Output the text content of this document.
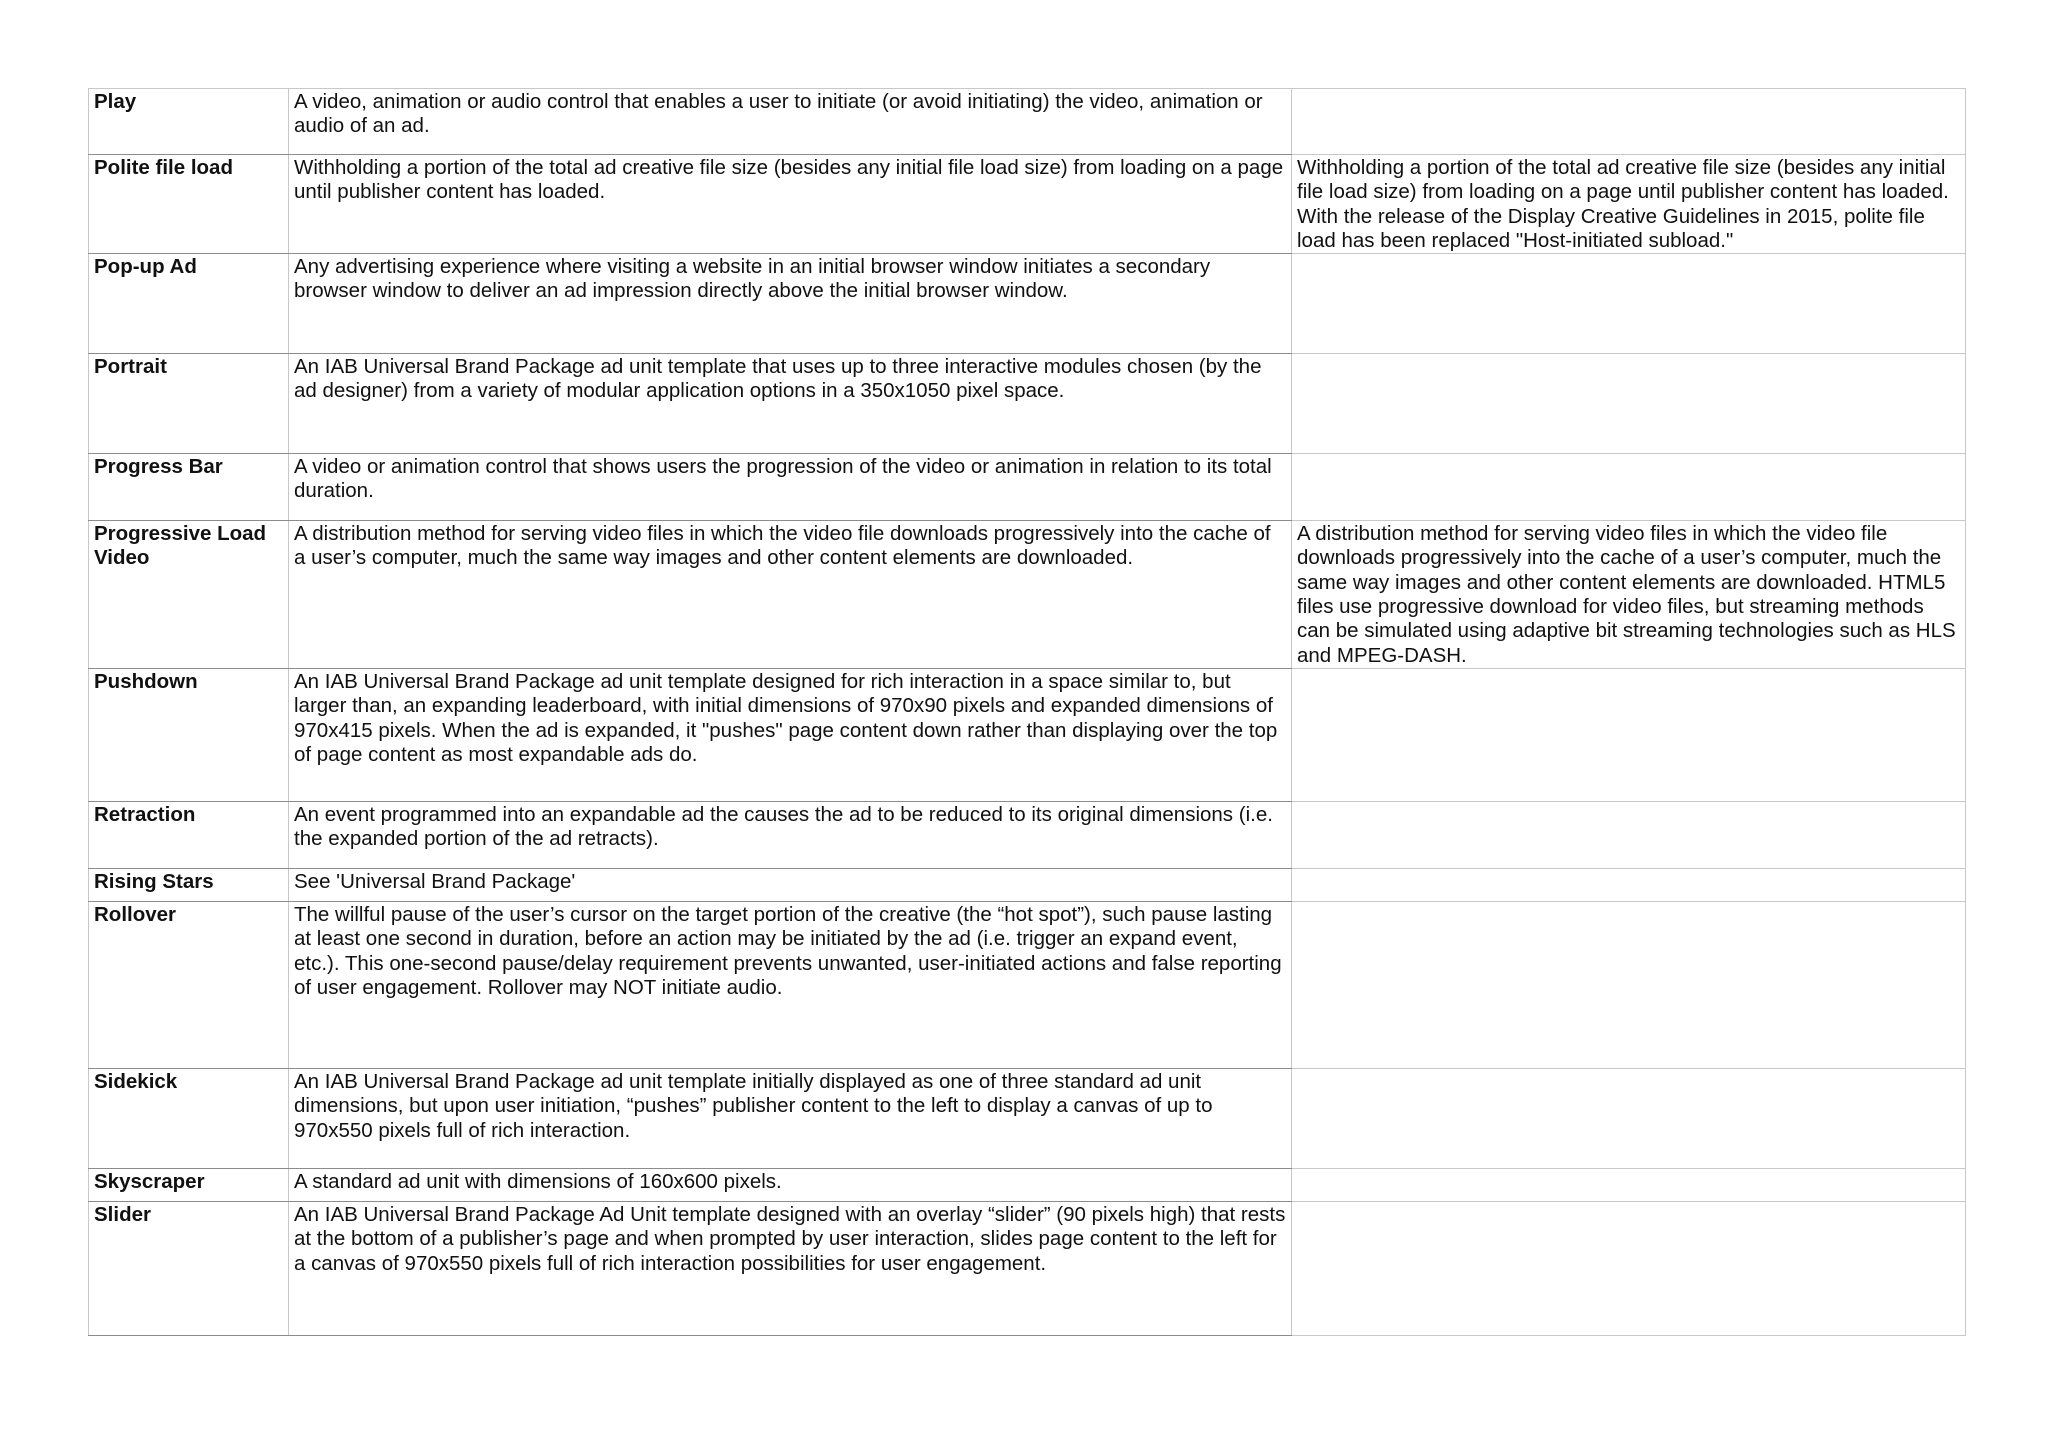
Play	A video, animation or audio control that enables a user to initiate (or avoid initiating) the video, animation or audio of an ad.	
Polite file load	Withholding a portion of the total ad creative file size (besides any initial file load size) from loading on a page until publisher content has loaded.	Withholding a portion of the total ad creative file size (besides any initial file load size) from loading on a page until publisher content has loaded. With the release of the Display Creative Guidelines in 2015, polite file load has been replaced "Host-initiated subload."
Pop-up Ad	Any advertising experience where visiting a website in an initial browser window initiates a secondary browser window to deliver an ad impression directly above the initial browser window.	
Portrait	An IAB Universal Brand Package ad unit template that uses up to three interactive modules chosen (by the ad designer) from a variety of modular application options in a 350x1050 pixel space.	
Progress Bar	A video or animation control that shows users the progression of the video or animation in relation to its total duration.	
Progressive Load Video	A distribution method for serving video files in which the video file downloads progressively into the cache of a user’s computer, much the same way images and other content elements are downloaded.	A distribution method for serving video files in which the video file downloads progressively into the cache of a user’s computer, much the same way images and other content elements are downloaded. HTML5 files use progressive download for video files, but streaming methods can be simulated using adaptive bit streaming technologies such as HLS and MPEG-DASH.
Pushdown	An IAB Universal Brand Package ad unit template designed for rich interaction in a space similar to, but larger than, an expanding leaderboard, with initial dimensions of 970x90 pixels and expanded dimensions of 970x415 pixels. When the ad is expanded, it "pushes" page content down rather than displaying over the top of page content as most expandable ads do.	
Retraction	An event programmed into an expandable ad the causes the ad to be reduced to its original dimensions (i.e. the expanded portion of the ad retracts).	
Rising Stars	See 'Universal Brand Package'	
Rollover	The willful pause of the user’s cursor on the target portion of the creative (the “hot spot”), such pause lasting at least one second in duration, before an action may be initiated by the ad (i.e. trigger an expand event, etc.). This one-second pause/delay requirement prevents unwanted, user-initiated actions and false reporting of user engagement. Rollover may NOT initiate audio.	
Sidekick	An IAB Universal Brand Package ad unit template initially displayed as one of three standard ad unit dimensions, but upon user initiation, “pushes” publisher content to the left to display a canvas of up to 970x550 pixels full of rich interaction.	
Skyscraper	A standard ad unit with dimensions of 160x600 pixels.	
Slider	An IAB Universal Brand Package Ad Unit template designed with an overlay “slider” (90 pixels high) that rests at the bottom of a publisher’s page and when prompted by user interaction, slides page content to the left for a canvas of 970x550 pixels full of rich interaction possibilities for user engagement.	
